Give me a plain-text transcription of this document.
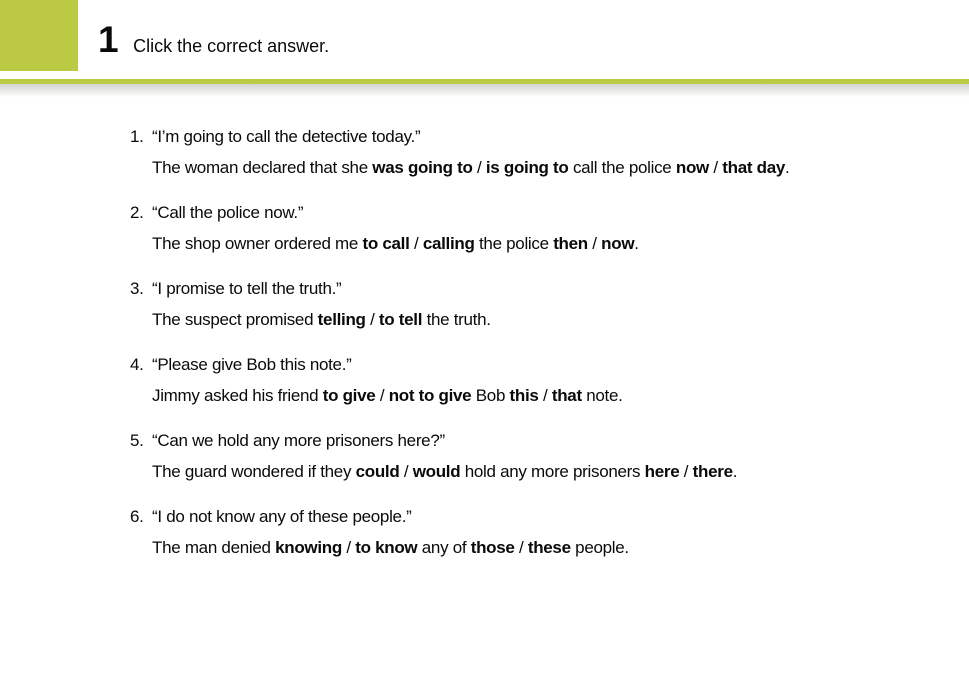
1 Click the correct answer.
1. “I’m going to call the detective today.”
The woman declared that she was going to / is going to call the police now / that day.
2. “Call the police now.”
The shop owner ordered me to call / calling the police then / now.
3. “I promise to tell the truth.”
The suspect promised telling / to tell the truth.
4. “Please give Bob this note.”
Jimmy asked his friend to give / not to give Bob this / that note.
5. “Can we hold any more prisoners here?”
The guard wondered if they could / would hold any more prisoners here / there.
6. “I do not know any of these people.”
The man denied knowing / to know any of those / these people.
